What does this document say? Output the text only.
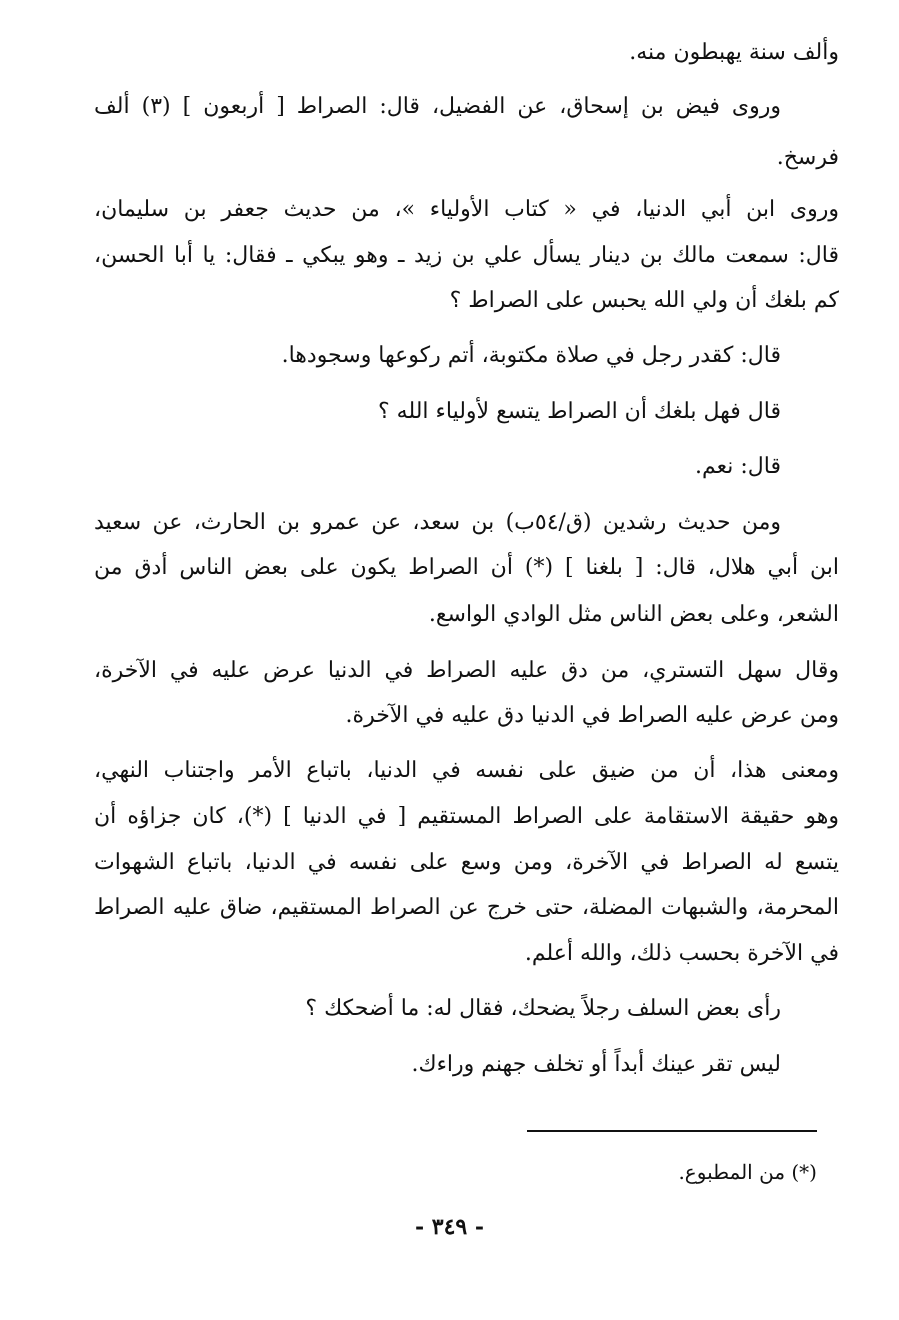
وألف سنة يهبطون منه.
وروى فيض بن إسحاق، عن الفضيل، قال: الصراط [ أربعون ] (٣) ألف
فرسخ.
وروى ابن أبي الدنيا، في « كتاب الأولياء »، من حديث جعفر بن سليمان،
قال: سمعت مالك بن دينار يسأل علي بن زيد ـ وهو يبكي ـ فقال: يا أبا الحسن،
كم بلغك أن ولي الله يحبس على الصراط ؟
قال: كقدر رجل في صلاة مكتوبة، أتم ركوعها وسجودها.
قال فهل بلغك أن الصراط يتسع لأولياء الله ؟
قال: نعم.
ومن حديث رشدين (ق/٥٤ب) بن سعد، عن عمرو بن الحارث، عن سعيد
ابن أبي هلال، قال: [ بلغنا ] (*) أن الصراط يكون على بعض الناس أدق من
الشعر، وعلى بعض الناس مثل الوادي الواسع.
وقال سهل التستري، من دق عليه الصراط في الدنيا عرض عليه في الآخرة،
ومن عرض عليه الصراط في الدنيا دق عليه في الآخرة.
ومعنى هذا، أن من ضيق على نفسه في الدنيا، باتباع الأمر واجتناب النهي،
وهو حقيقة الاستقامة على الصراط المستقيم [ في الدنيا ] (*)، كان جزاؤه أن
يتسع له الصراط في الآخرة، ومن وسع على نفسه في الدنيا، باتباع الشهوات
المحرمة، والشبهات المضلة، حتى خرج عن الصراط المستقيم، ضاق عليه الصراط
في الآخرة بحسب ذلك، والله أعلم.
رأى بعض السلف رجلاً يضحك، فقال له: ما أضحكك ؟
ليس تقر عينك أبداً أو تخلف جهنم وراءك.
(*) من المطبوع.
- ٣٤٩ -
